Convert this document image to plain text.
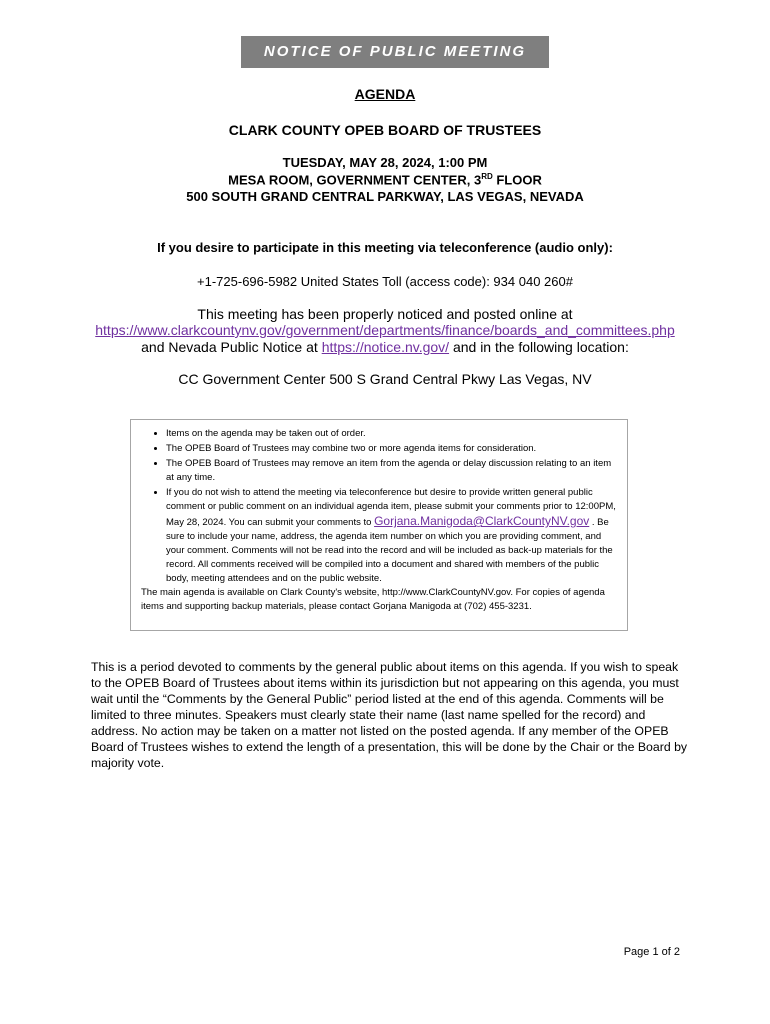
NOTICE OF PUBLIC MEETING
AGENDA
CLARK COUNTY OPEB BOARD OF TRUSTEES
TUESDAY, MAY 28, 2024, 1:00 PM
MESA ROOM, GOVERNMENT CENTER, 3RD FLOOR
500 SOUTH GRAND CENTRAL PARKWAY, LAS VEGAS, NEVADA
If you desire to participate in this meeting via teleconference (audio only):
+1-725-696-5982 United States Toll (access code): 934 040 260#
This meeting has been properly noticed and posted online at
https://www.clarkcountynv.gov/government/departments/finance/boards_and_committees.php
and Nevada Public Notice at https://notice.nv.gov/ and in the following location:
CC Government Center 500 S Grand Central Pkwy Las Vegas, NV
• Items on the agenda may be taken out of order.
• The OPEB Board of Trustees may combine two or more agenda items for consideration.
• The OPEB Board of Trustees may remove an item from the agenda or delay discussion relating to an item at any time.
• If you do not wish to attend the meeting via teleconference but desire to provide written general public comment or public comment on an individual agenda item, please submit your comments prior to 12:00PM, May 28, 2024. You can submit your comments to Gorjana.Manigoda@ClarkCountyNV.gov . Be sure to include your name, address, the agenda item number on which you are providing comment, and your comment. Comments will not be read into the record and will be included as back-up materials for the record. All comments received will be compiled into a document and shared with members of the public body, meeting attendees and on the public website.
The main agenda is available on Clark County's website, http://www.ClarkCountyNV.gov. For copies of agenda items and supporting backup materials, please contact Gorjana Manigoda at (702) 455-3231.
This is a period devoted to comments by the general public about items on this agenda. If you wish to speak to the OPEB Board of Trustees about items within its jurisdiction but not appearing on this agenda, you must wait until the “Comments by the General Public” period listed at the end of this agenda. Comments will be limited to three minutes. Speakers must clearly state their name (last name spelled for the record) and address. No action may be taken on a matter not listed on the posted agenda. If any member of the OPEB Board of Trustees wishes to extend the length of a presentation, this will be done by the Chair or the Board by majority vote.
Page 1 of 2
